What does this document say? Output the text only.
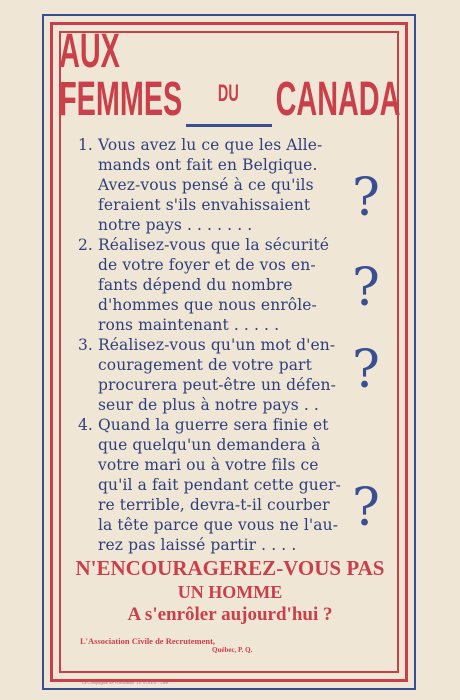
AUX FEMMES DU CANADA
1. Vous avez lu ce que les Alle-
mands ont fait en Belgique.
Avez-vous pensé à ce qu'ils
feraient s'ils envahissaient
notre pays . . . . . . .
2. Réalisez-vous que la sécurité
de votre foyer et de vos en-
fants dépend du nombre
d'hommes que nous enrôle-
rons maintenant . . . . .
3. Réalisez-vous qu'un mot d'en-
couragement de votre part
procurera peut-être un défen-
seur de plus à notre pays . .
4. Quand la guerre sera finie et
que quelqu'un demandera à
votre mari ou à votre fils ce
qu'il a fait pendant cette guer-
re terrible, devra-t-il courber
la tête parce que vous ne l'au-
rez pas laissé partir . . . .
?
?
?
?
N'ENCOURAGEREZ-VOUS PAS
UN HOMME
A s'enrôler aujourd'hui ?
L'Association Civile de Recrutement,
Québec, P. Q.
La Compagnie de Publication "LE SOLEIL", Ltée
